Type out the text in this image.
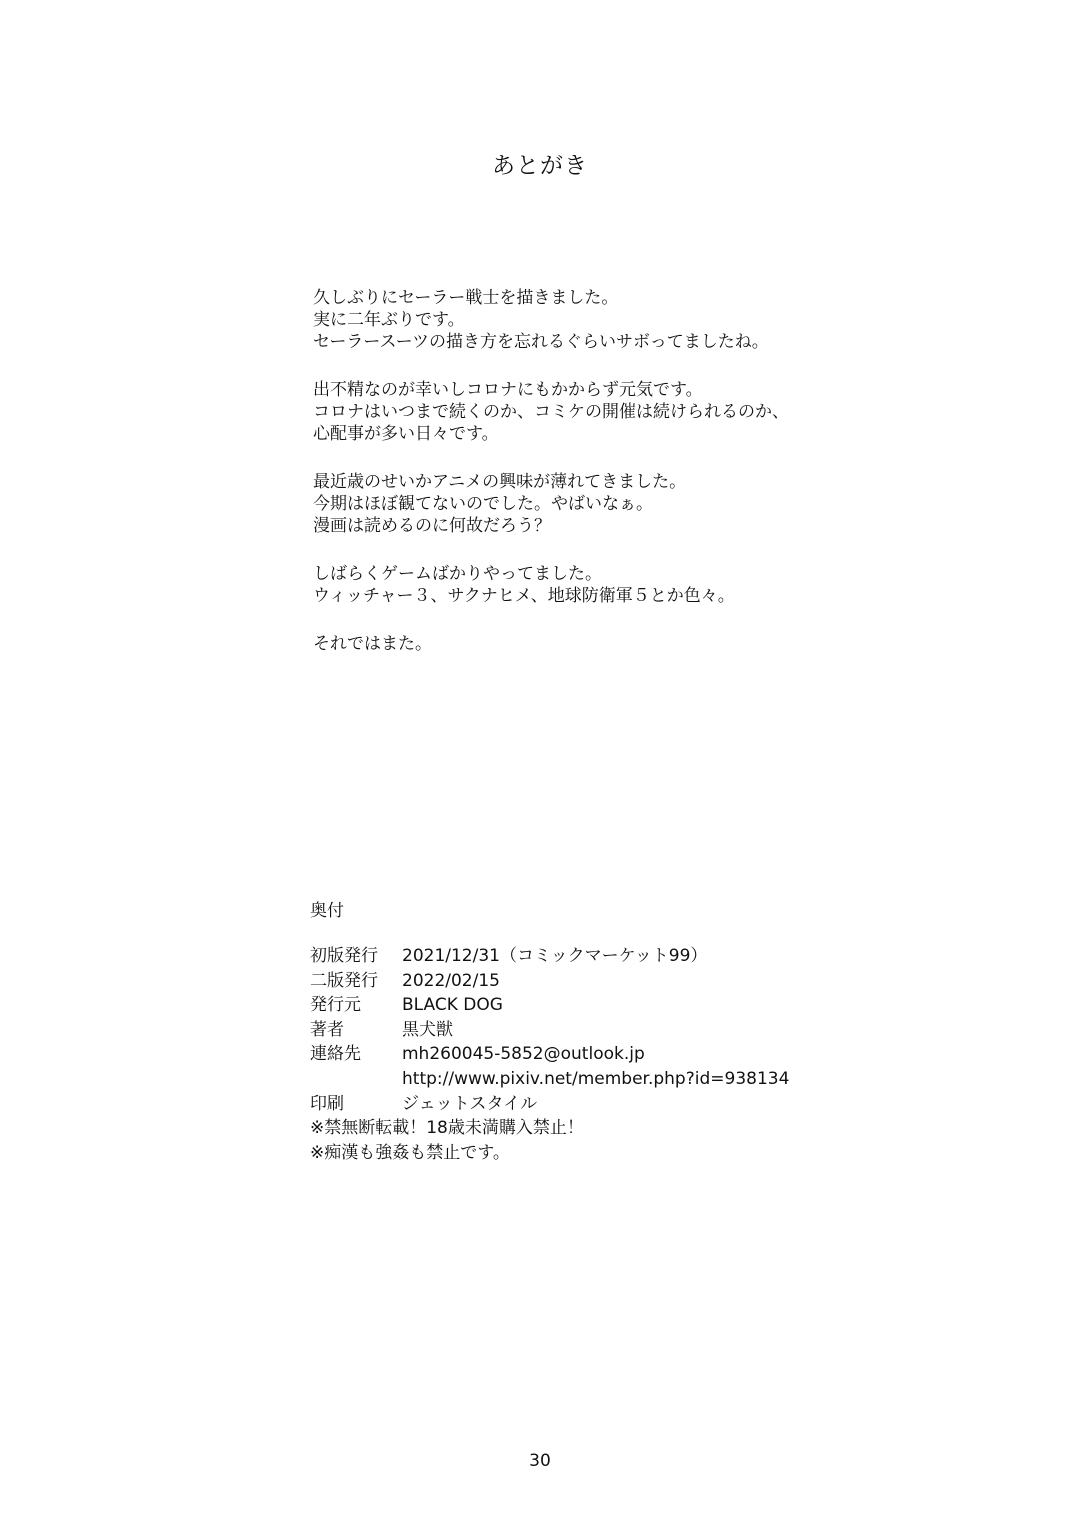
あとがき
久しぶりにセーラー戦士を描きました。
実に二年ぶりです。
セーラースーツの描き方を忘れるぐらいサボってましたね。
出不精なのが幸いしコロナにもかからず元気です。
コロナはいつまで続くのか、コミケの開催は続けられるのか、
心配事が多い日々です。
最近歳のせいかアニメの興味が薄れてきました。
今期はほぼ観てないのでした。やばいなぁ。
漫画は読めるのに何故だろう？
しばらくゲームばかりやってました。
ウィッチャー３、サクナヒメ、地球防衛軍５とか色々。
それではまた。
奥付
初版発行	2021/12/31（コミックマーケット99）
二版発行	2022/02/15
発行元	BLACK DOG
著者	黒犬獣
連絡先	mh260045-5852@outlook.jp
http://www.pixiv.net/member.php?id=938134
印刷	ジェットスタイル
※禁無断転載！18歳未満購入禁止！
※痴漢も強姦も禁止です。
30
